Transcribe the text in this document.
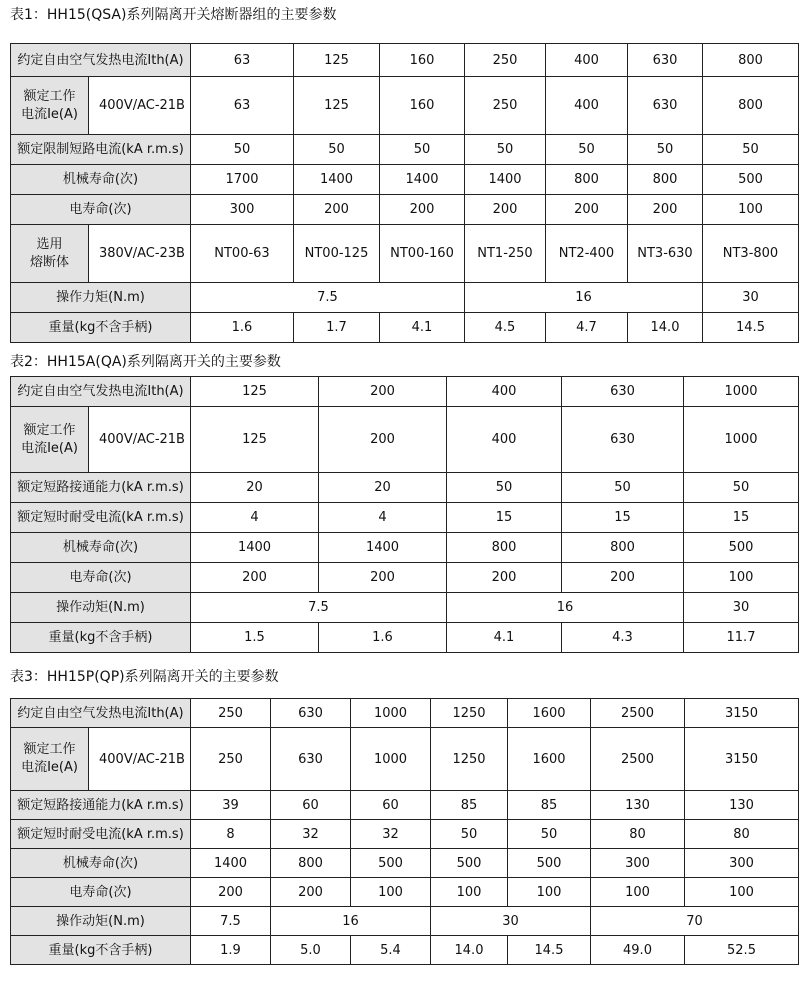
表1：HH15(QSA)系列隔离开关熔断器组的主要参数
约定自由空气发热电流Ith(A)		63	125	160	250	400	630	800

额定工作
电流Ie(A)	400V/AC-21B	63	125	160	250	400	630	800
额定限制短路电流(kA r.m.s)		50	50	50	50	50	50	50
机械寿命(次)		1700	1400	1400	1400	800	800	500
电寿命(次)		300	200	200	200	200	200	100

选用
熔断体	380V/AC-23B	NT00-63	NT00-125	NT00-160	NT1-250	NT2-400	NT3-630	NT3-800
操作力矩(N.m)		7.5			16			30
重量(kg不含手柄)		1.6	1.7	4.1	4.5	4.7	14.0	14.5
表2：HH15A(QA)系列隔离开关的主要参数
约定自由空气发热电流Ith(A)		125	200	400	630	1000

额定工作
电流Ie(A)	400V/AC-21B	125	200	400	630	1000
额定短路接通能力(kA r.m.s)		20	20	50	50	50
额定短时耐受电流(kA r.m.s)		4	4	15	15	15
机械寿命(次)		1400	1400	800	800	500
电寿命(次)		200	200	200	200	100
操作动矩(N.m)		7.5		16		30
重量(kg不含手柄)		1.5	1.6	4.1	4.3	11.7
表3：HH15P(QP)系列隔离开关的主要参数
约定自由空气发热电流Ith(A)		250	630	1000	1250	1600	2500	3150

额定工作
电流Ie(A)	400V/AC-21B	250	630	1000	1250	1600	2500	3150
额定短路接通能力(kA r.m.s)		39	60	60	85	85	130	130
额定短时耐受电流(kA r.m.s)		8	32	32	50	50	80	80
机械寿命(次)		1400	800	500	500	500	300	300
电寿命(次)		200	200	100	100	100	100	100
操作动矩(N.m)		7.5	16		30		70	
重量(kg不含手柄)		1.9	5.0	5.4	14.0	14.5	49.0	52.5
